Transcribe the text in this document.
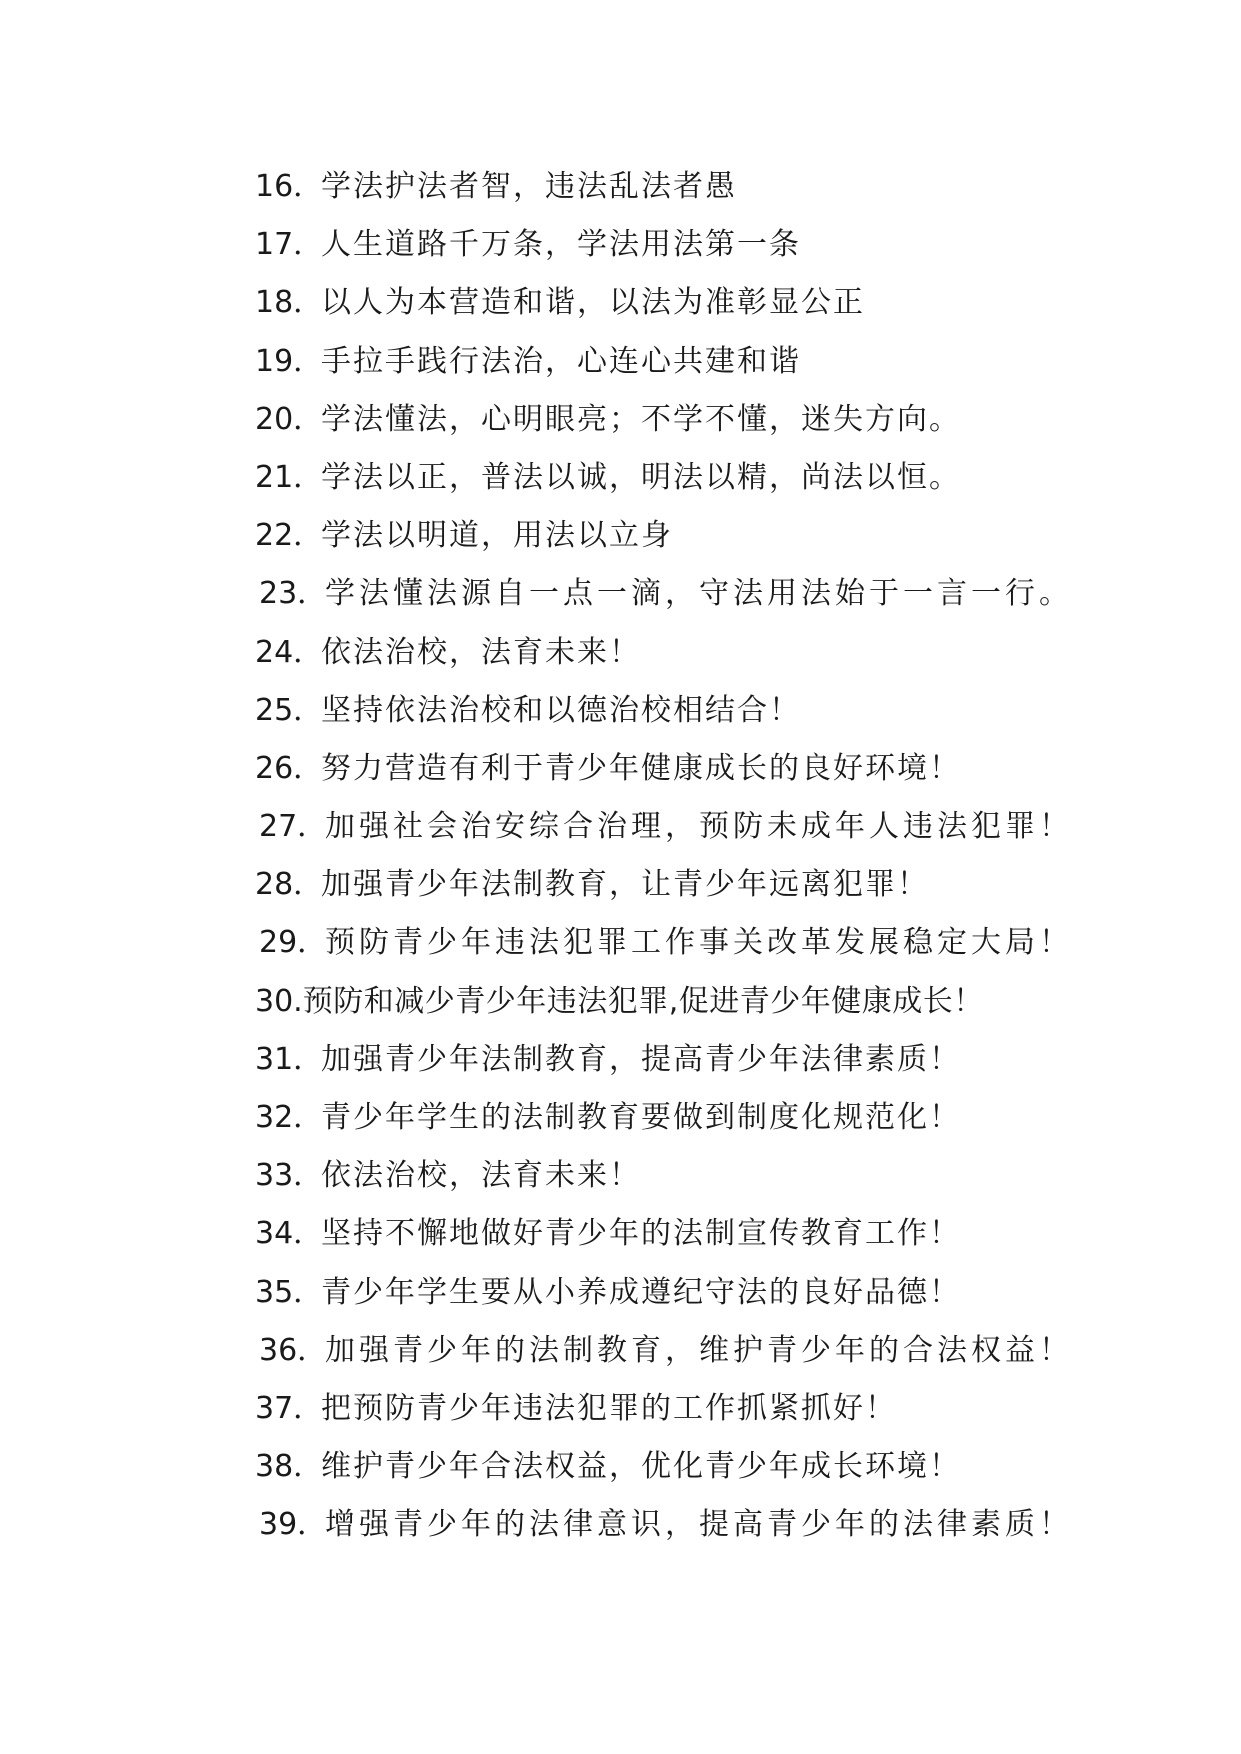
16．学法护法者智，违法乱法者愚
17．人生道路千万条，学法用法第一条
18．以人为本营造和谐，以法为准彰显公正
19．手拉手践行法治，心连心共建和谐
20．学法懂法，心明眼亮；不学不懂，迷失方向。
21．学法以正，普法以诚，明法以精，尚法以恒。
22．学法以明道，用法以立身
23．学法懂法源自一点一滴，守法用法始于一言一行。
24．依法治校，法育未来！
25．坚持依法治校和以德治校相结合！
26．努力营造有利于青少年健康成长的良好环境！
27．加强社会治安综合治理，预防未成年人违法犯罪！
28．加强青少年法制教育，让青少年远离犯罪！
29．预防青少年违法犯罪工作事关改革发展稳定大局！
30.预防和减少青少年违法犯罪,促进青少年健康成长！
31．加强青少年法制教育，提高青少年法律素质！
32．青少年学生的法制教育要做到制度化规范化！
33．依法治校，法育未来！
34．坚持不懈地做好青少年的法制宣传教育工作！
35．青少年学生要从小养成遵纪守法的良好品德！
36．加强青少年的法制教育，维护青少年的合法权益！
37．把预防青少年违法犯罪的工作抓紧抓好！
38．维护青少年合法权益，优化青少年成长环境！
39．增强青少年的法律意识，提高青少年的法律素质！
